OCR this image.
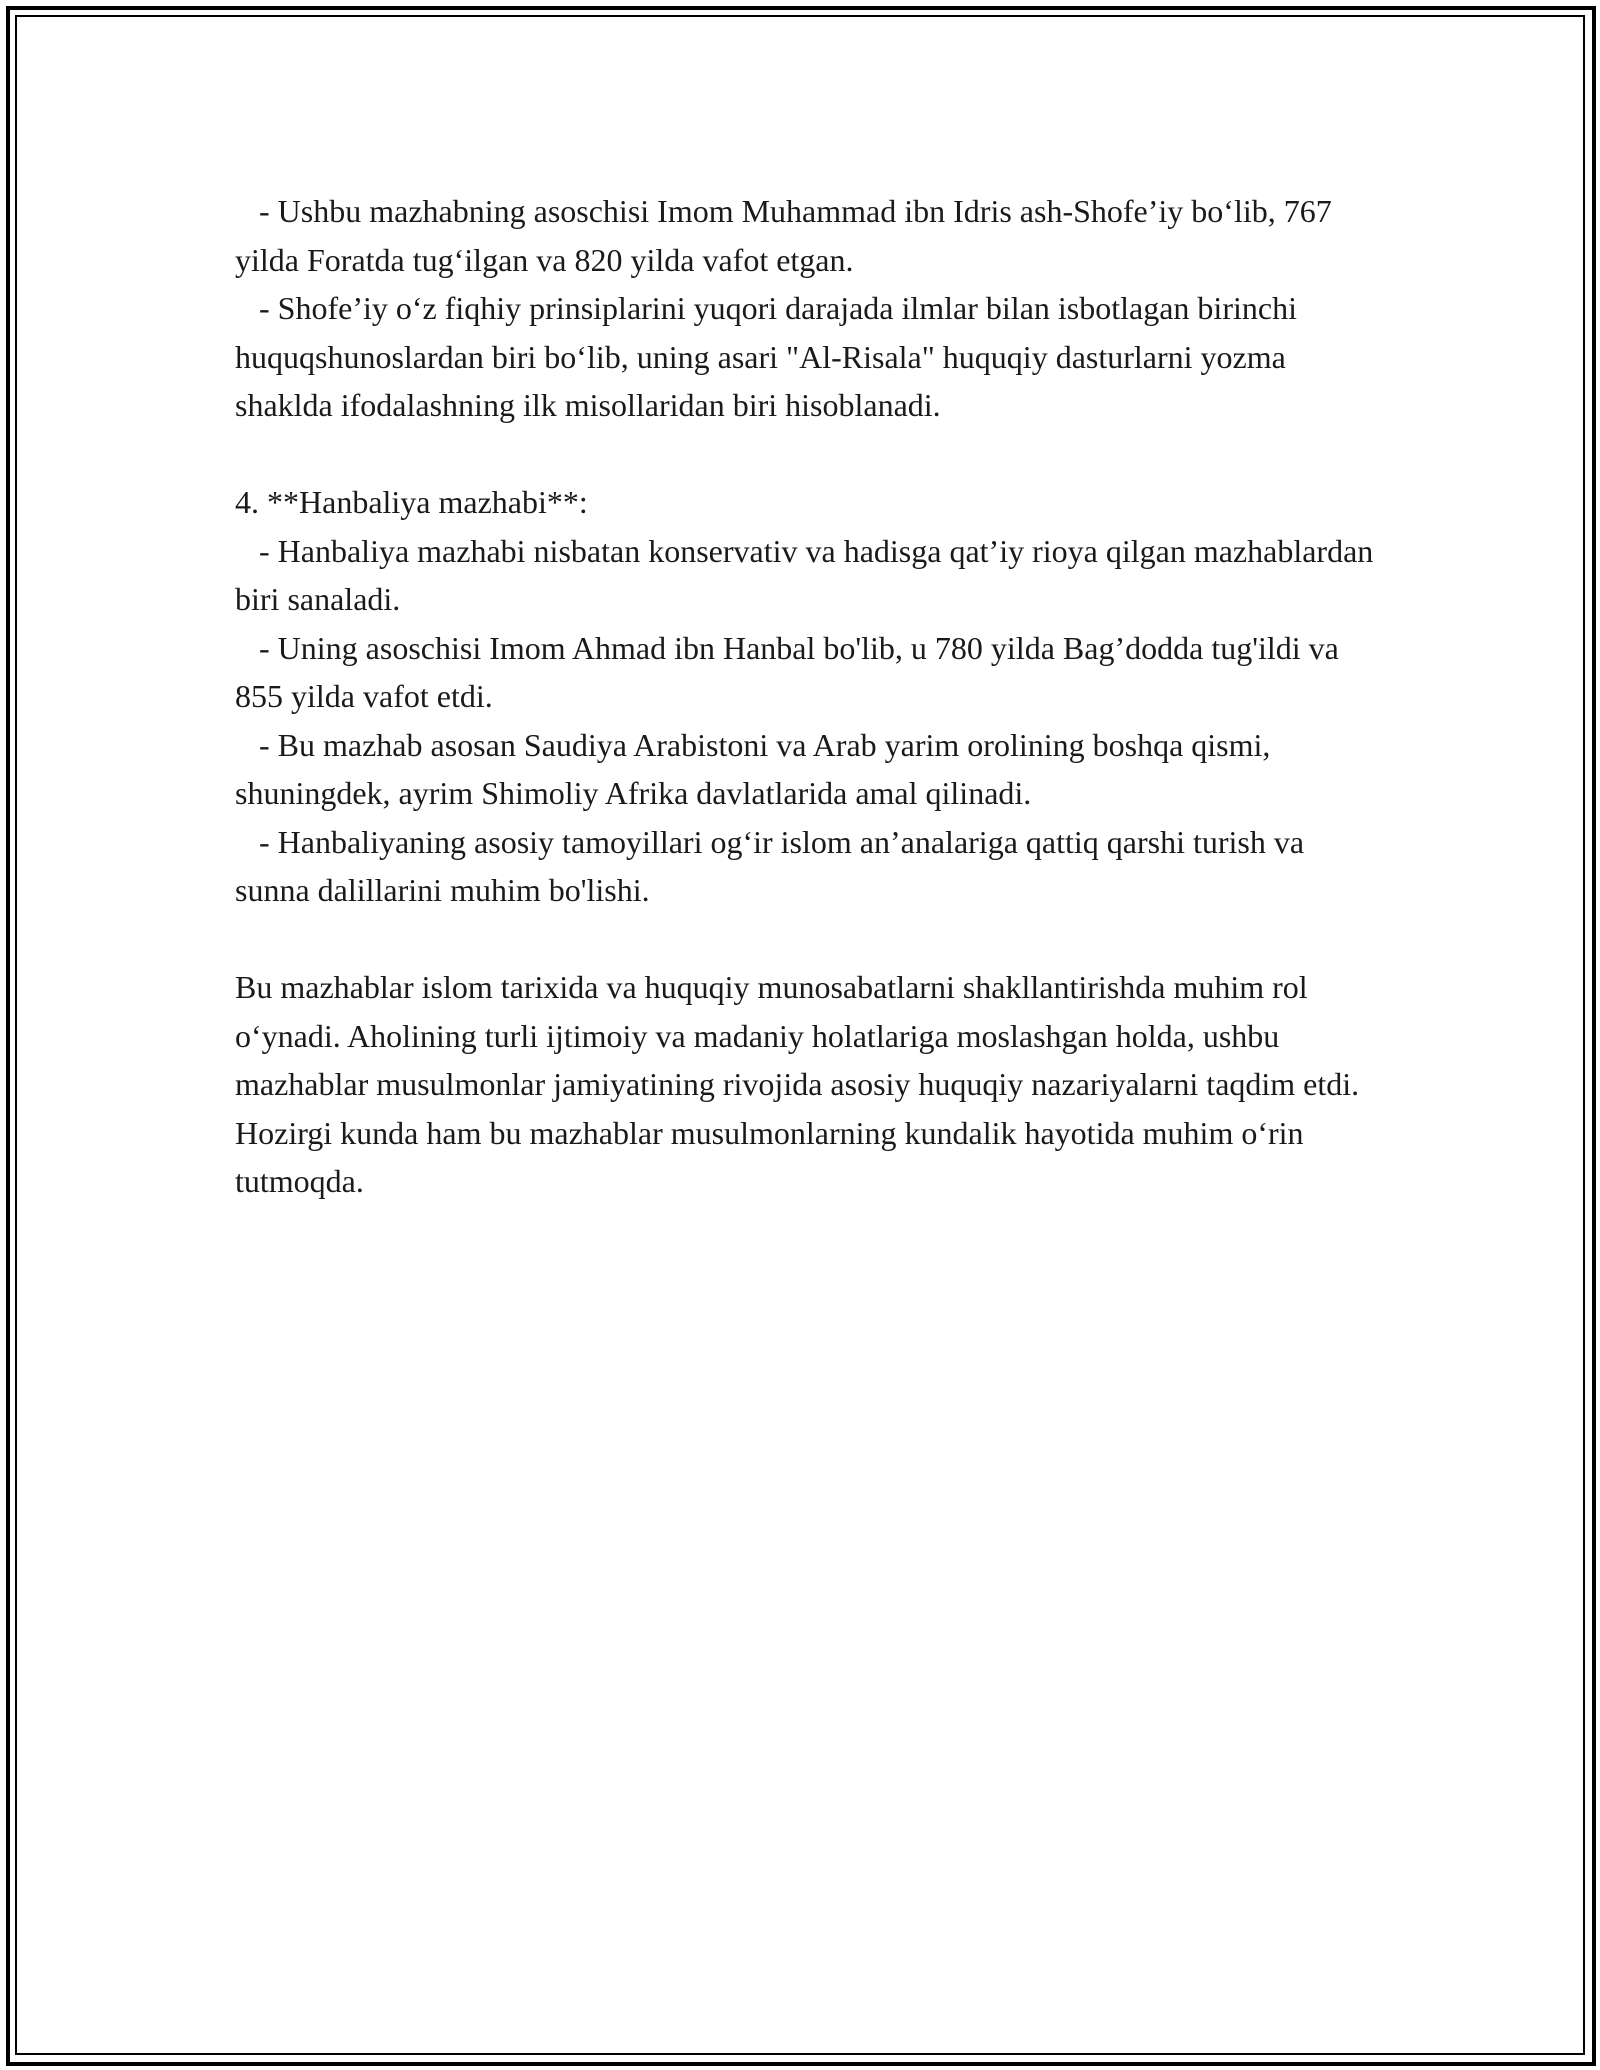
- Ushbu mazhabning asoschisi Imom Muhammad ibn Idris ash-Shofe’iy bo‘lib, 767 yilda Foratda tug‘ilgan va 820 yilda vafot etgan.

- Shofe’iy o‘z fiqhiy prinsiplarini yuqori darajada ilmlar bilan isbotlagan birinchi huquqshunoslardan biri bo‘lib, uning asari "Al-Risala" huquqiy dasturlarni yozma shaklda ifodalashning ilk misollaridan biri hisoblanadi.

4. **Hanbaliya mazhabi**:

- Hanbaliya mazhabi nisbatan konservativ va hadisga qat’iy rioya qilgan mazhablardan biri sanaladi.

- Uning asoschisi Imom Ahmad ibn Hanbal bo'lib, u 780 yilda Bag’dodda tug'ildi va 855 yilda vafot etdi.

- Bu mazhab asosan Saudiya Arabistoni va Arab yarim orolining boshqa qismi, shuningdek, ayrim Shimoliy Afrika davlatlarida amal qilinadi.

- Hanbaliyaning asosiy tamoyillari og‘ir islom an’analariga qattiq qarshi turish va sunna dalillarini muhim bo'lishi.

Bu mazhablar islom tarixida va huquqiy munosabatlarni shakllantirishda muhim rol o‘ynadi. Aholining turli ijtimoiy va madaniy holatlariga moslashgan holda, ushbu mazhablar musulmonlar jamiyatining rivojida asosiy huquqiy nazariyalarni taqdim etdi. Hozirgi kunda ham bu mazhablar musulmonlarning kundalik hayotida muhim o‘rin tutmoqda.
